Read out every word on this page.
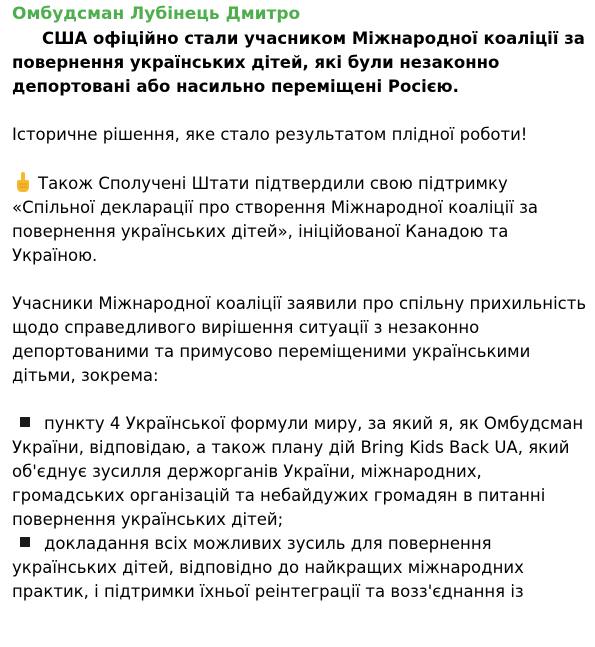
Омбудсман Лубінець Дмитро

США офіційно стали учасником Міжнародної коаліції за повернення українських дітей, які були незаконно депортовані або насильно переміщені Росією.

Історичне рішення, яке стало результатом плідної роботи!

Також Сполучені Штати підтвердили свою підтримку «Спільної декларації про створення Міжнародної коаліції за повернення українських дітей», ініційованої Канадою та Україною.

Учасники Міжнародної коаліції заявили про спільну прихильність щодо справедливого вирішення ситуації з незаконно депортованими та примусово переміщеними українськими дітьми, зокрема:

пункту 4 Української формули миру, за який я, як Омбудсман України, відповідаю, а також плану дій Bring Kids Back UA, який об'єднує зусилля держорганів України, міжнародних, громадських організацій та небайдужих громадян в питанні повернення українських дітей;

докладання всіх можливих зусиль для повернення українських дітей, відповідно до найкращих міжнародних практик, і підтримки їхньої реінтеграції та возз'єднання із
